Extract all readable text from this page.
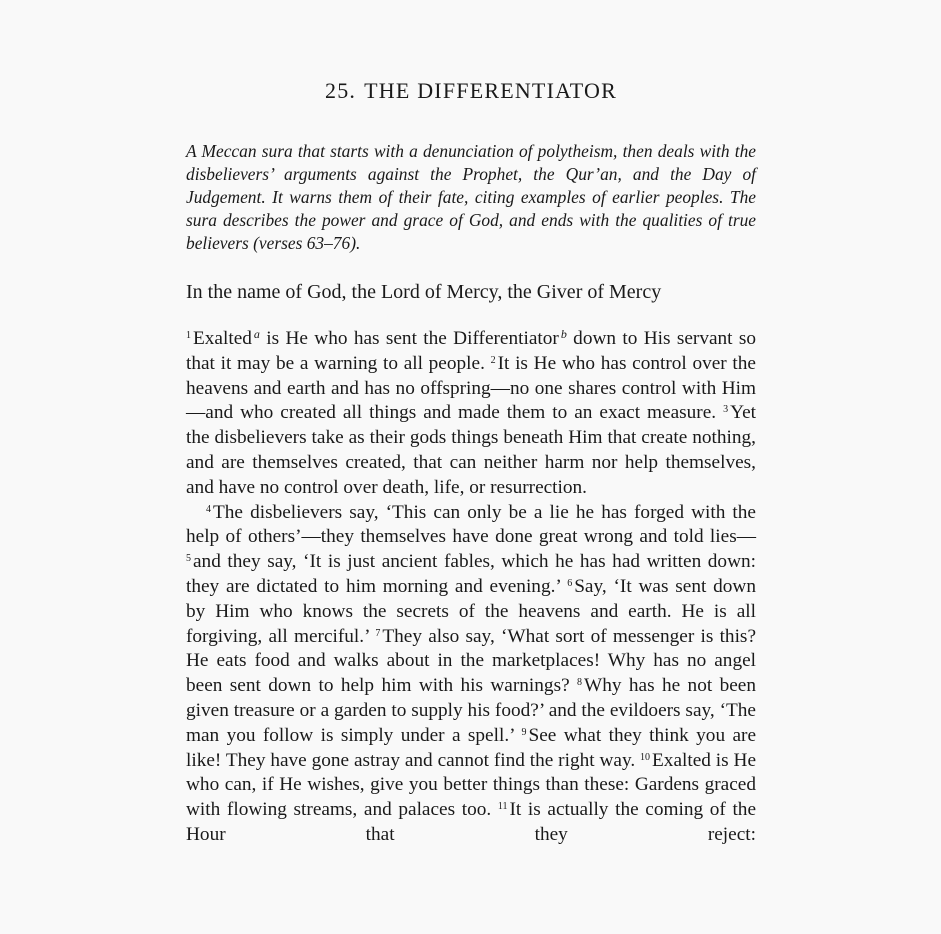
25. THE DIFFERENTIATOR
A Meccan sura that starts with a denunciation of polytheism, then deals with the disbelievers’ arguments against the Prophet, the Qur’an, and the Day of Judgement. It warns them of their fate, citing examples of earlier peoples. The sura describes the power and grace of God, and ends with the qualities of true believers (verses 63–76).
In the name of God, the Lord of Mercy, the Giver of Mercy

$^1$ Exalted $^a$ is He who has sent the Differentiator $^b$ down to His servant so that it may be a warning to all people. $^2$ It is He who has control over the heavens and earth and has no offspring—no one shares control with Him—and who created all things and made them to an exact measure. $^3$ Yet the disbelievers take as their gods things beneath Him that create nothing, and are themselves created, that can neither harm nor help themselves, and have no control over death, life, or resurrection.

$^4$ The disbelievers say, ‘This can only be a lie he has forged with the help of others’—they themselves have done great wrong and told lies—$^5$ and they say, ‘It is just ancient fables, which he has had written down: they are dictated to him morning and evening.’ $^6$ Say, ‘It was sent down by Him who knows the secrets of the heavens and earth. He is all forgiving, all merciful.’ $^7$ They also say, ‘What sort of messenger is this? He eats food and walks about in the marketplaces! Why has no angel been sent down to help him with his warnings? $^8$ Why has he not been given treasure or a garden to supply his food?’ and the evildoers say, ‘The man you follow is simply under a spell.’ $^9$ See what they think you are like! They have gone astray and cannot find the right way. $^{10}$ Exalted is He who can, if He wishes, give you better things than these: Gardens graced with flowing streams, and palaces too. $^{11}$ It is actually the coming of the Hour that they reject:
